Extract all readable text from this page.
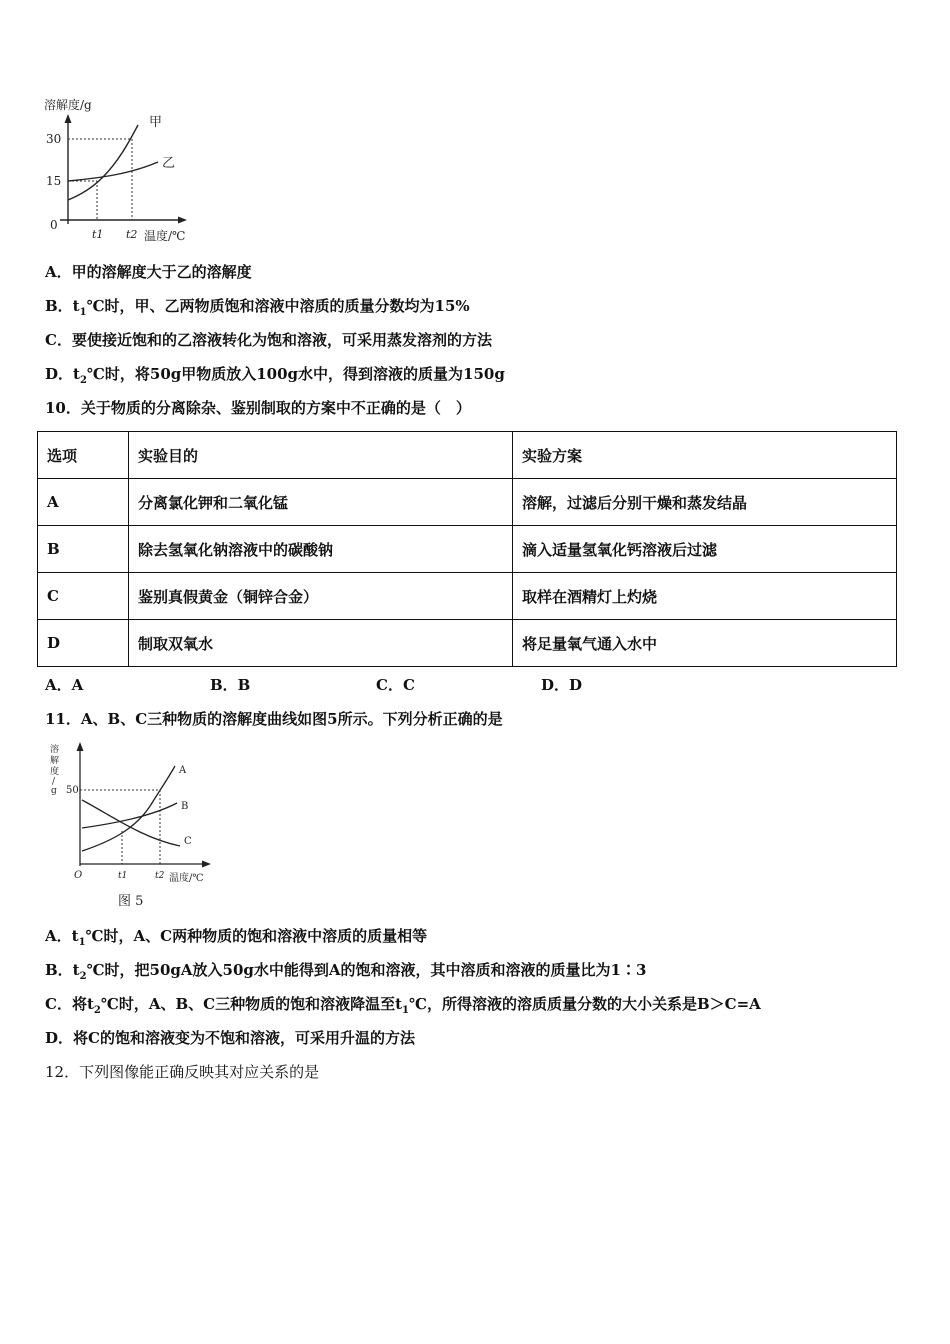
溶解度/g
30
15
0
甲
乙
t1 t2 温度/℃
A．甲的溶解度大于乙的溶解度
B．$t_1℃$时，甲、乙两物质饱和溶液中溶质的质量分数均为15%
C．要使接近饱和的乙溶液转化为饱和溶液，可采用蒸发溶剂的方法
D．$t_2℃$时，将50g甲物质放入100g水中，得到溶液的质量为150g
10．关于物质的分离除杂、鉴别制取的方案中不正确的是（　）
选项	实验目的	实验方案
A	分离氯化钾和二氧化锰	溶解，过滤后分别干燥和蒸发结晶
B	除去氢氧化钠溶液中的碳酸钠	滴入适量氢氧化钙溶液后过滤
C	鉴别真假黄金（铜锌合金）	取样在酒精灯上灼烧
D	制取双氧水	将足量氧气通入水中
A．A	B．B	C．C	D．D
11．A、B、C三种物质的溶解度曲线如图5所示。下列分析正确的是
溶
解
度
/
g 50
A
B
C
O	t1	t2 温度/℃
图 5
A．$t_1℃$时，A、C两种物质的饱和溶液中溶质的质量相等
B．$t_2℃$时，把50gA放入50g水中能得到A的饱和溶液，其中溶质和溶液的质量比为1∶3
C．将$t_2℃$时，A、B、C三种物质的饱和溶液降温至$t_1℃$，所得溶液的溶质质量分数的大小关系是B＞C=A
D．将C的饱和溶液变为不饱和溶液，可采用升温的方法
12．下列图像能正确反映其对应关系的是
